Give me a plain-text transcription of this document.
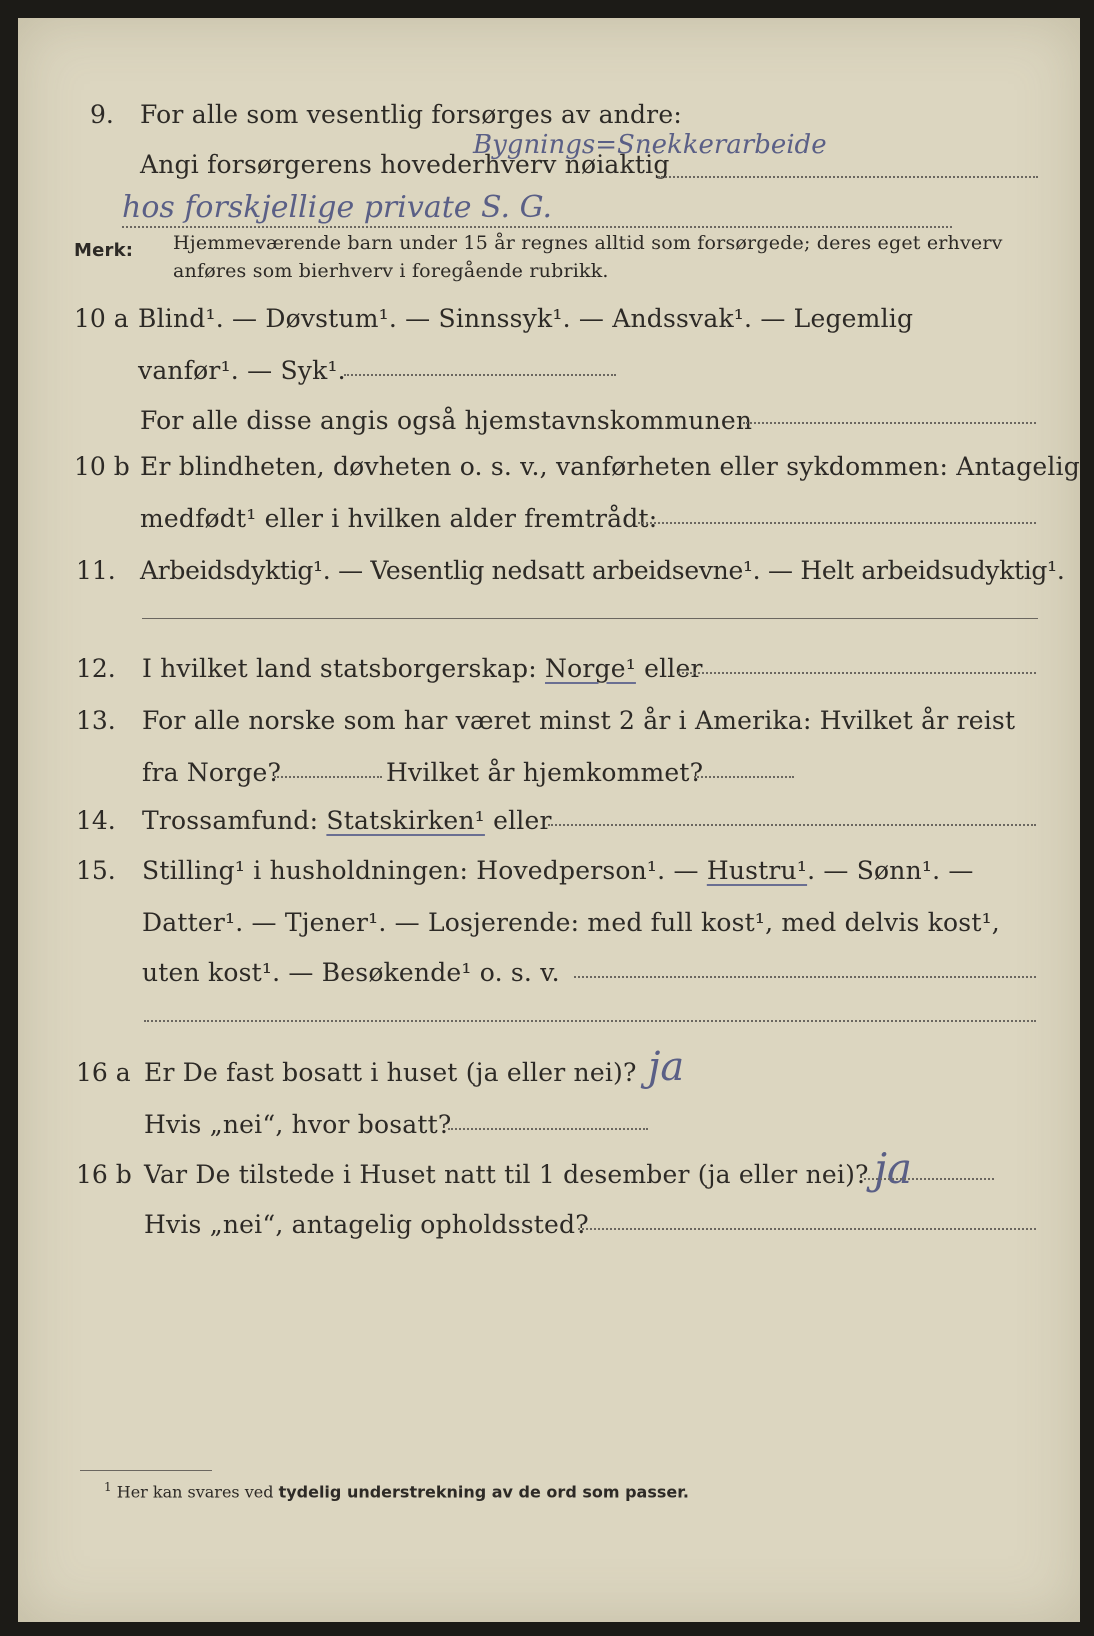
9. For alle som vesentlig forsørges av andre:
Angi forsørgerens hovederhverv nøiaktig
Bygnings=Snekkerarbeide
hos forskjellige private S. G.
Merk: Hjemmeværende barn under 15 år regnes alltid som forsørgede; deres eget erhverv
anføres som bierhverv i foregående rubrikk.
10 a Blind¹. — Døvstum¹. — Sinnssyk¹. — Andssvak¹. — Legemlig
vanfør¹. — Syk¹.
For alle disse angis også hjemstavnskommunen
10 b Er blindheten, døvheten o. s. v., vanførheten eller sykdommen: Antagelig
medfødt¹ eller i hvilken alder fremtrådt:
11. Arbeidsdyktig¹. — Vesentlig nedsatt arbeidsevne¹. — Helt arbeidsudyktig¹.
12. I hvilket land statsborgerskap: Norge¹ eller
13. For alle norske som har været minst 2 år i Amerika: Hvilket år reist
fra Norge?	Hvilket år hjemkommet?
14. Trossamfund: Statskirken¹ eller
15. Stilling¹ i husholdningen: Hovedperson¹. — Hustru¹. — Sønn¹. —
Datter¹. — Tjener¹. — Losjerende: med full kost¹, med delvis kost¹,
uten kost¹. — Besøkende¹ o. s. v.
16 a Er De fast bosatt i huset (ja eller nei)? ja
Hvis „nei“, hvor bosatt?
16 b Var De tilstede i Huset natt til 1 desember (ja eller nei)? ja
Hvis „nei“, antagelig opholdssted?
$^1$ Her kan svares ved tydelig understrekning av de ord som passer.
